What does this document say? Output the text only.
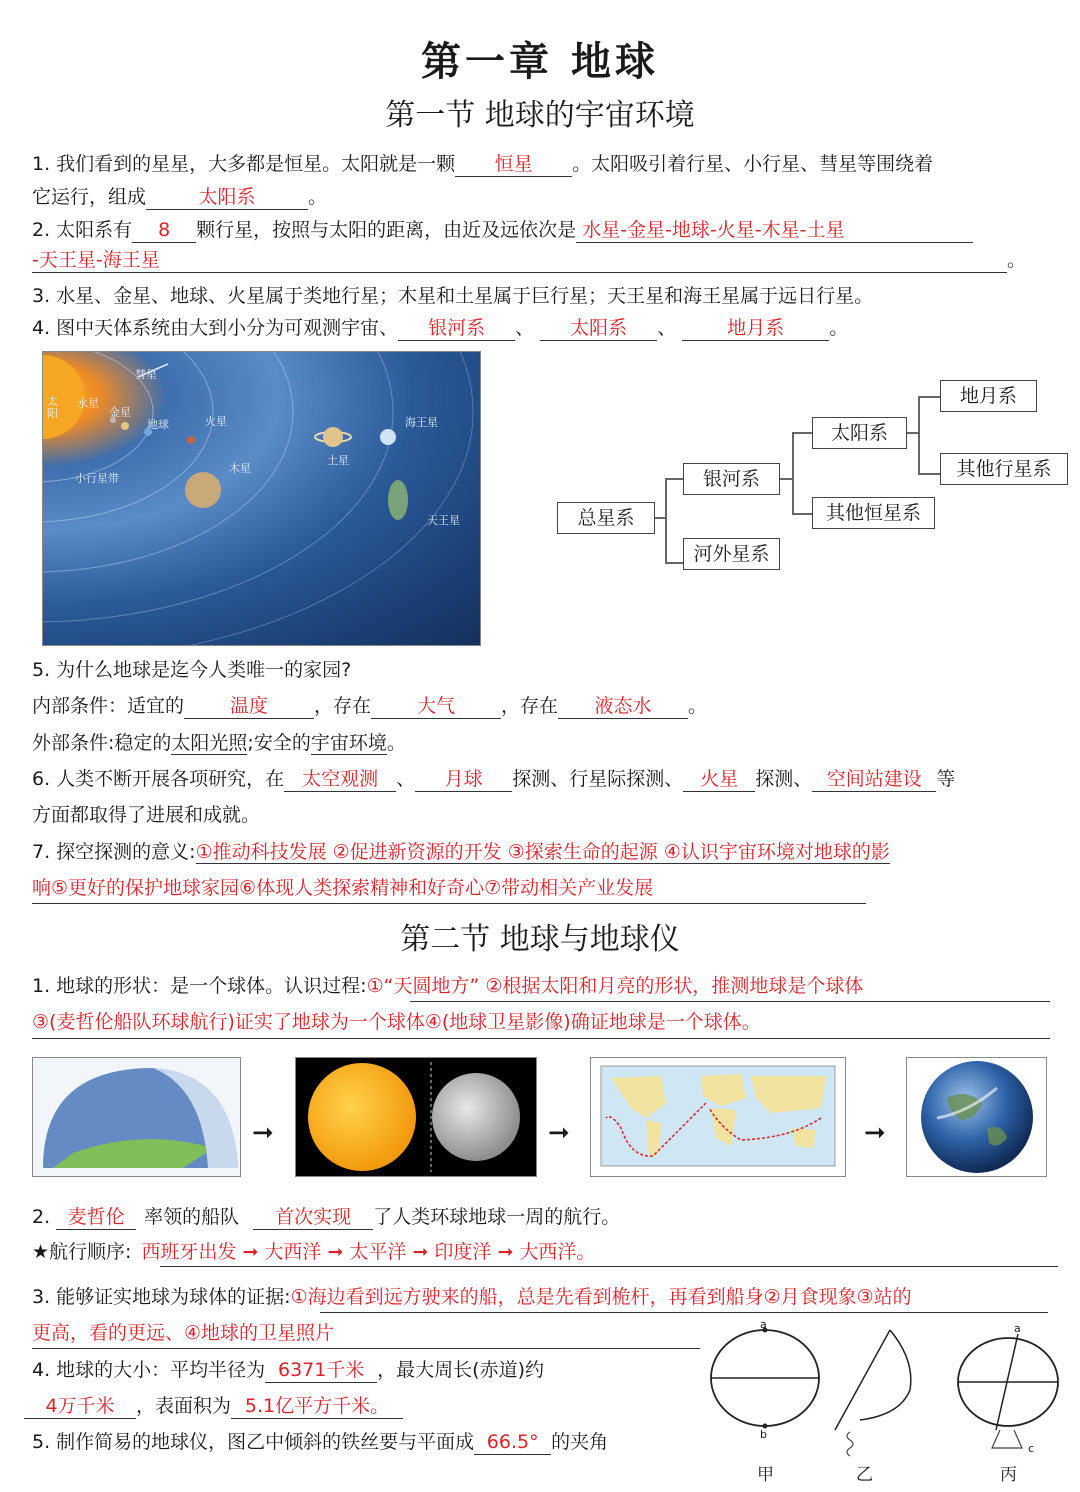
第一章 地球
第一节 地球的宇宙环境
1. 我们看到的星星，大多都是恒星。太阳就是一颗 恒星 。太阳吸引着行星、小行星、彗星等围绕着
它运行，组成	太阳系	。
2. 太阳系有 8 颗行星，按照与太阳的距离，由近及远依次是 水星-金星-地球-火星-木星-土星
-天王星-海王星	。
3. 水星、金星、地球、火星属于类地行星；木星和土星属于巨行星；天王星和海王星属于远日行星。
4. 图中天体系统由大到小分为可观测宇宙、 银河系 、 太阳系 、	地月系 。
彗星
太阳
水星
金星
地球	火星
小行星带
木星
土星
海王星
天王星	总星系
银河系
河外星系
太阳系
其他恒星系
地月系
其他行星系
5. 为什么地球是迄今人类唯一的家园?
内部条件：适宜的 温度 ，存在 大气 ，存在 液态水 。
外部条件:稳定的太阳光照;安全的宇宙环境。
6. 人类不断开展各项研究，在 太空观测 、 月球 探测、行星际探测、 火星 探测、 空间站建设 等
方面都取得了进展和成就。
7. 探空探测的意义:①推动科技发展 ②促进新资源的开发 ③探索生命的起源 ④认识宇宙环境对地球的影
响⑤更好的保护地球家园⑥体现人类探索精神和好奇心⑦带动相关产业发展
第二节 地球与地球仪
1. 地球的形状：是一个球体。认识过程:①“天圆地方” ②根据太阳和月亮的形状，推测地球是个球体
③(麦哲伦船队环球航行)证实了地球为一个球体④(地球卫星影像)确证地球是一个球体。
➞	➞	➞
2. 麦哲伦 率领的船队 首次实现 了人类环球地球一周的航行。
★航行顺序: 西班牙出发 ➞ 大西洋 ➞ 太平洋 ➞ 印度洋 ➞ 大西洋。
3. 能够证实地球为球体的证据:①海边看到远方驶来的船，总是先看到桅杆，再看到船身②月食现象③站的
更高，看的更远、④地球的卫星照片
4. 地球的大小：平均半径为 6371千米 ，最大周长(赤道)约
4万千米 ，表面积为 5.1亿平方千米。
5. 制作简易的地球仪，图乙中倾斜的铁丝要与平面成 66.5° 的夹角
a
b
a
c
甲	乙	丙
